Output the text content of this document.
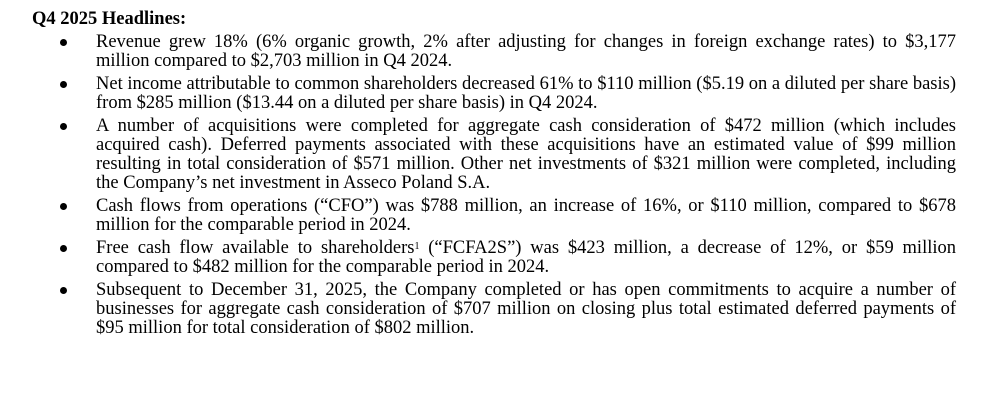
Q4 2025 Headlines:
Revenue grew 18% (6% organic growth, 2% after adjusting for changes in foreign exchange rates) to $3,177 million compared to $2,703 million in Q4 2024.
Net income attributable to common shareholders decreased 61% to $110 million ($5.19 on a diluted per share basis) from $285 million ($13.44 on a diluted per share basis) in Q4 2024.
A number of acquisitions were completed for aggregate cash consideration of $472 million (which includes acquired cash). Deferred payments associated with these acquisitions have an estimated value of $99 million resulting in total consideration of $571 million. Other net investments of $321 million were completed, including the Company’s net investment in Asseco Poland S.A.
Cash flows from operations (“CFO”) was $788 million, an increase of 16%, or $110 million, compared to $678 million for the comparable period in 2024.
Free cash flow available to shareholders$^1$ (“FCFA2S”) was $423 million, a decrease of 12%, or $59 million compared to $482 million for the comparable period in 2024.
Subsequent to December 31, 2025, the Company completed or has open commitments to acquire a number of businesses for aggregate cash consideration of $707 million on closing plus total estimated deferred payments of $95 million for total consideration of $802 million.
